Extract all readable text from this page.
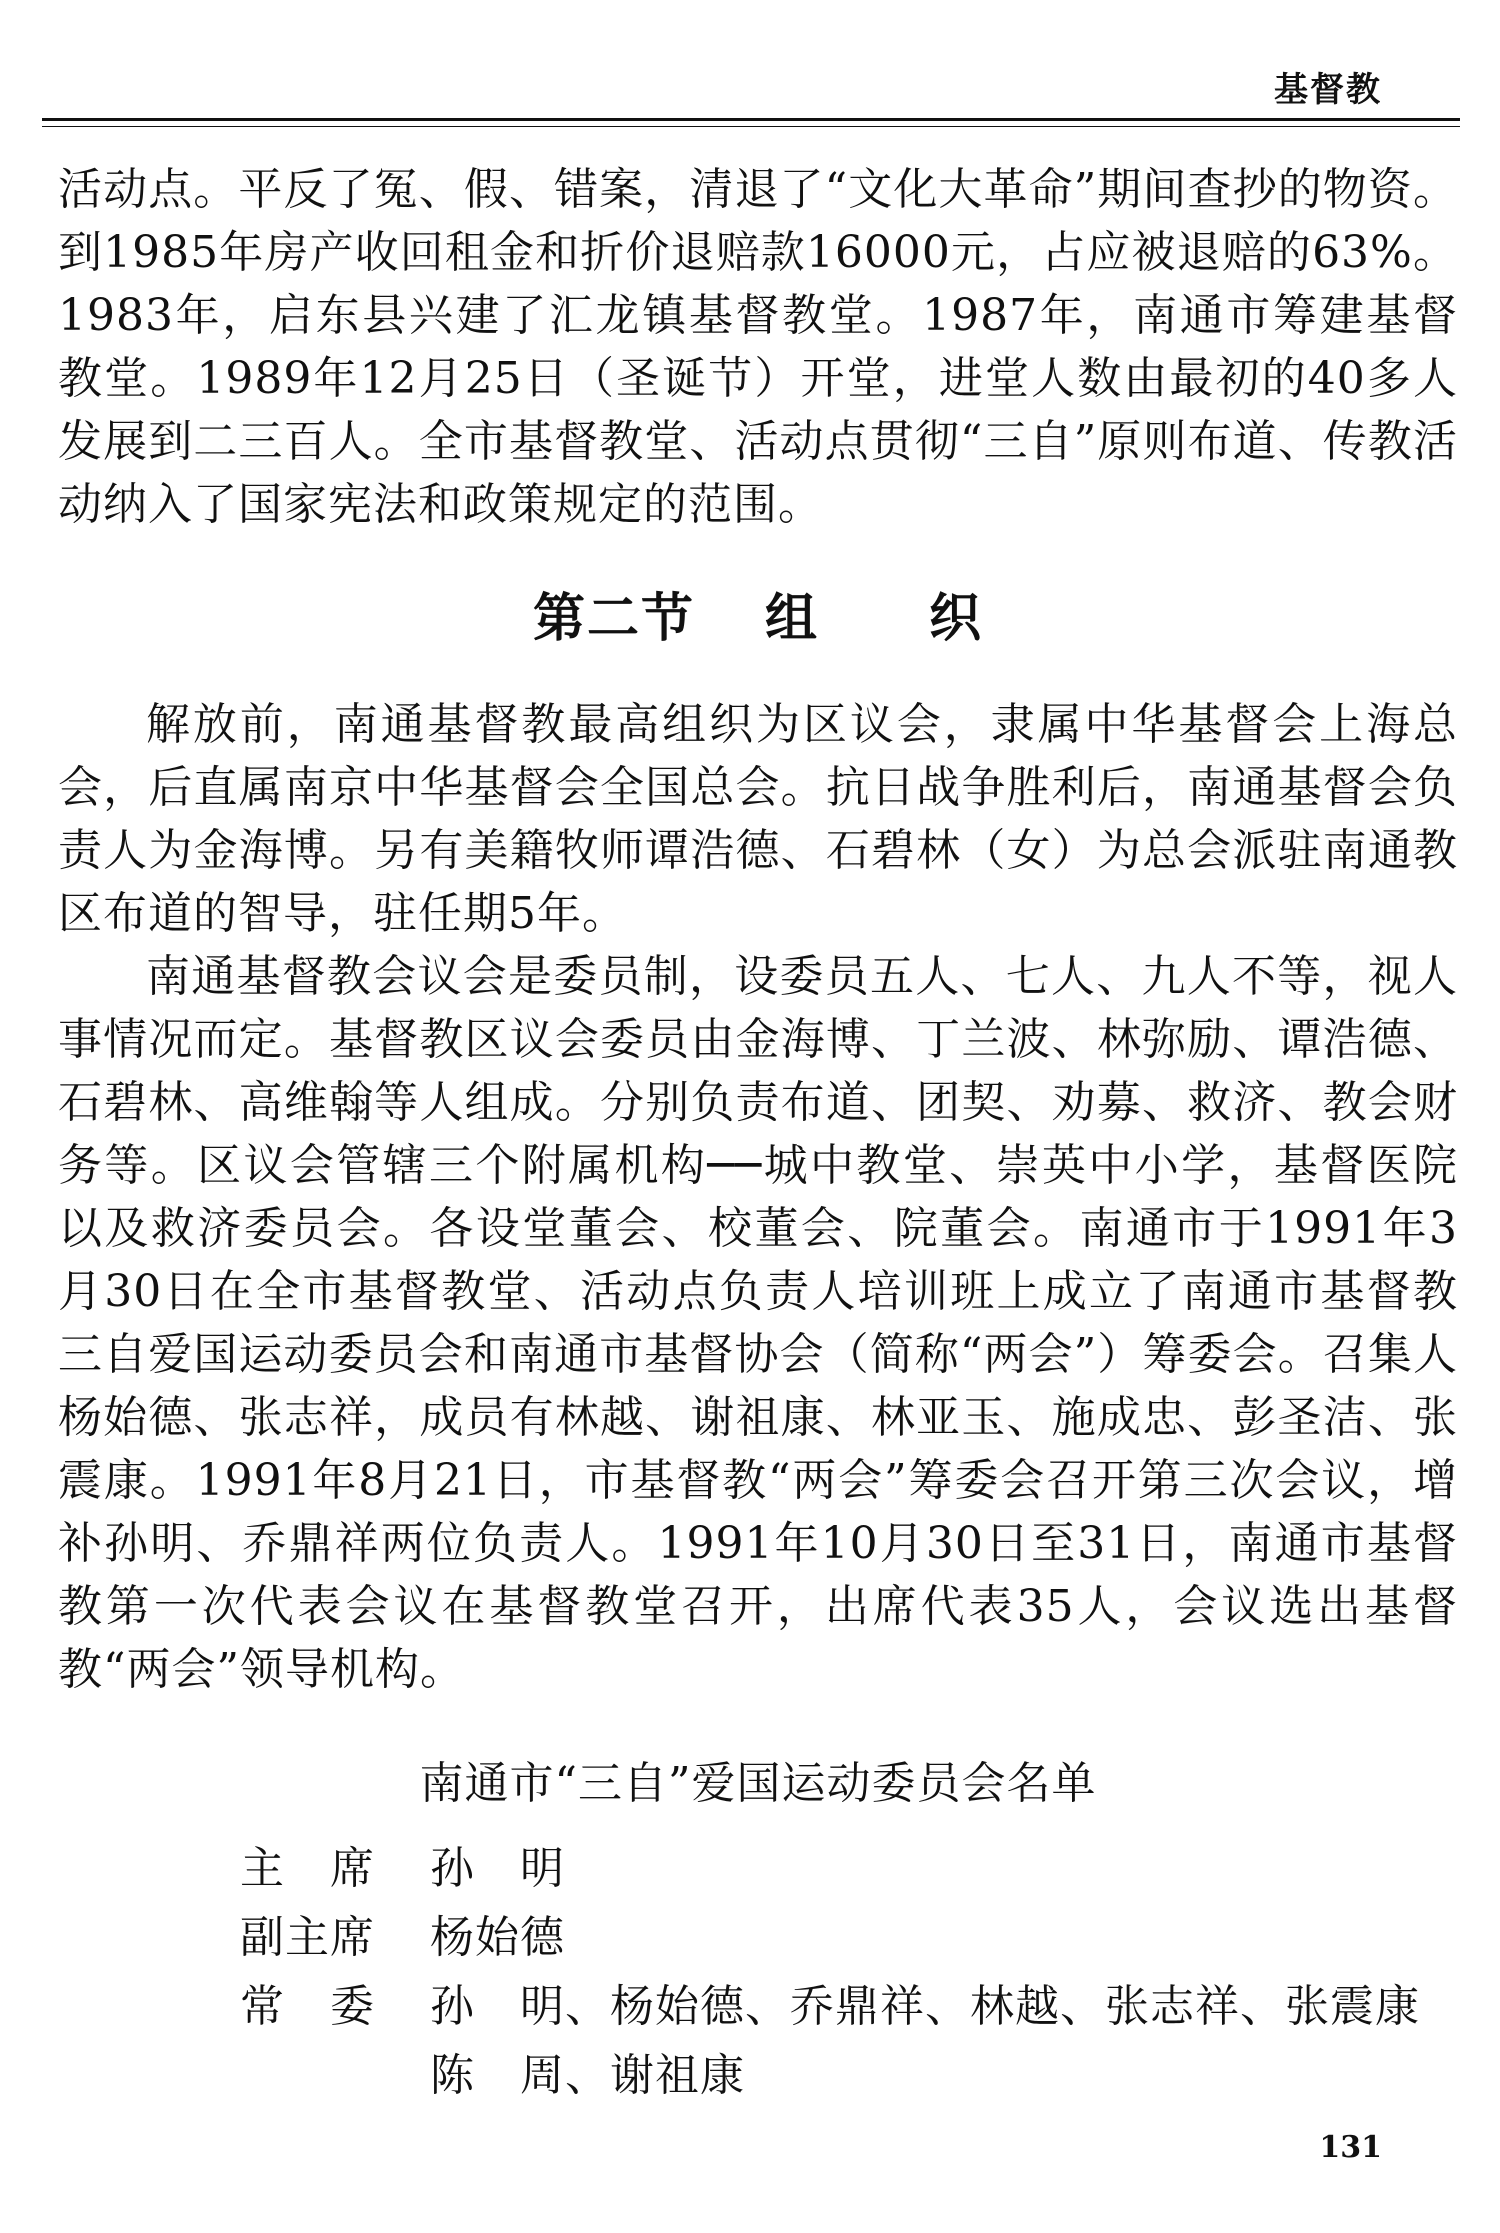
基督教

活动点。平反了冤、假、错案，清退了“文化大革命”期间查抄的物资。到1985年房产收回租金和折价退赔款16000元，占应被退赔的63%。1983年，启东县兴建了汇龙镇基督教堂。1987年，南通市筹建基督教堂。1989年12月25日（圣诞节）开堂，进堂人数由最初的40多人发展到二三百人。全市基督教堂、活动点贯彻“三自”原则布道、传教活动纳入了国家宪法和政策规定的范围。

第二节 组 织

解放前，南通基督教最高组织为区议会，隶属中华基督会上海总会，后直属南京中华基督会全国总会。抗日战争胜利后，南通基督会负责人为金海博。另有美籍牧师谭浩德、石碧林（女）为总会派驻南通教区布道的智导，驻任期5年。

南通基督教会议会是委员制，设委员五人、七人、九人不等，视人事情况而定。基督教区议会委员由金海博、丁兰波、林弥励、谭浩德、石碧林、高维翰等人组成。分别负责布道、团契、劝募、救济、教会财务等。区议会管辖三个附属机构──城中教堂、崇英中小学，基督医院以及救济委员会。各设堂董会、校董会、院董会。南通市于1991年3月30日在全市基督教堂、活动点负责人培训班上成立了南通市基督教三自爱国运动委员会和南通市基督协会（简称“两会”）筹委会。召集人杨始德、张志祥，成员有林越、谢祖康、林亚玉、施成忠、彭圣洁、张震康。1991年8月21日，市基督教“两会”筹委会召开第三次会议，增补孙明、乔鼎祥两位负责人。1991年10月30日至31日，南通市基督教第一次代表会议在基督教堂召开，出席代表35人，会议选出基督教“两会”领导机构。

南通市“三自”爱国运动委员会名单
主　席	孙　明
副主席	杨始德
常　委	孙　明、杨始德、乔鼎祥、林越、张志祥、张震康
陈　周、谢祖康
131
